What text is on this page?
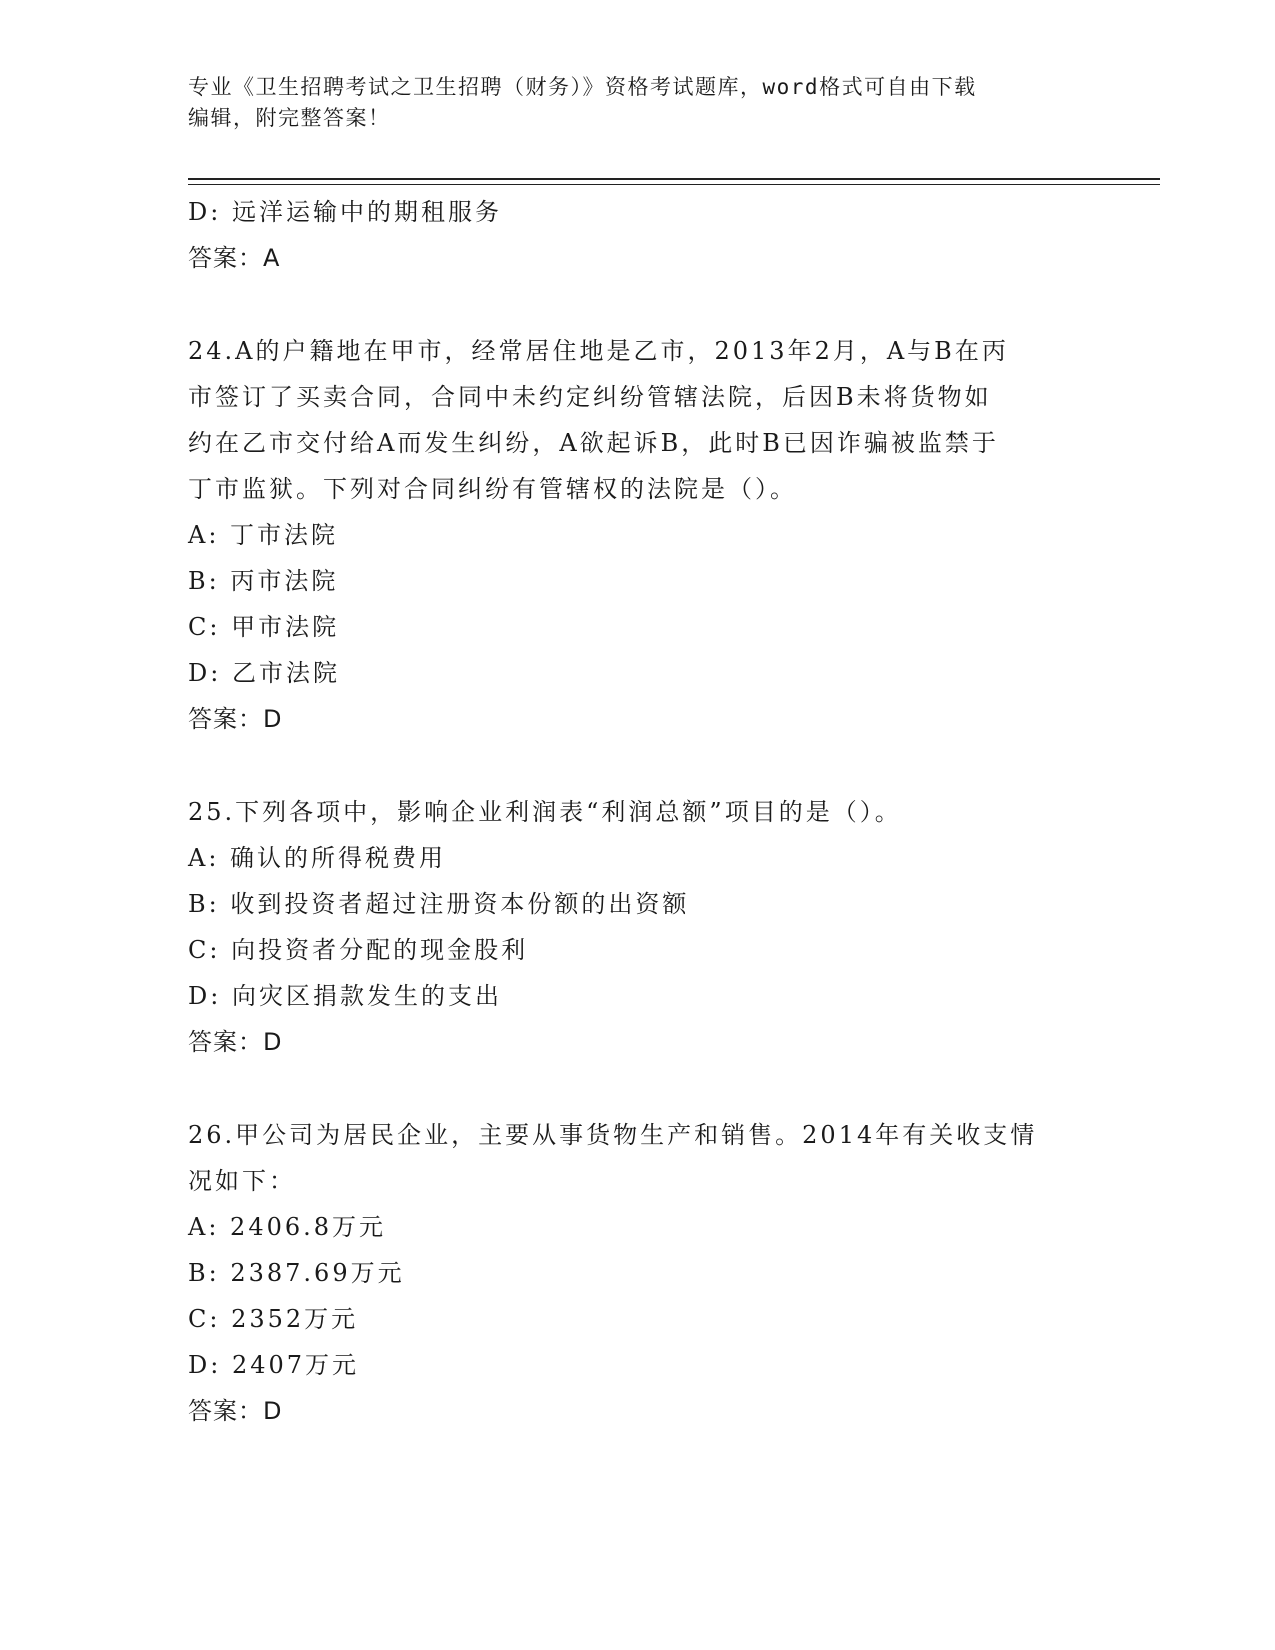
专业《卫生招聘考试之卫生招聘（财务）》资格考试题库，word格式可自由下载
编辑，附完整答案！
D: 远洋运输中的期租服务
答案：A
24.A的户籍地在甲市，经常居住地是乙市，2013年2月，A与B在丙
市签订了买卖合同，合同中未约定纠纷管辖法院，后因B未将货物如
约在乙市交付给A而发生纠纷，A欲起诉B，此时B已因诈骗被监禁于
丁市监狱。下列对合同纠纷有管辖权的法院是（）。
A: 丁市法院
B: 丙市法院
C: 甲市法院
D: 乙市法院
答案：D
25.下列各项中，影响企业利润表“利润总额”项目的是（）。
A: 确认的所得税费用
B: 收到投资者超过注册资本份额的出资额
C: 向投资者分配的现金股利
D: 向灾区捐款发生的支出
答案：D
26.甲公司为居民企业，主要从事货物生产和销售。2014年有关收支情
况如下：
A: 2406.8万元
B: 2387.69万元
C: 2352万元
D: 2407万元
答案：D
